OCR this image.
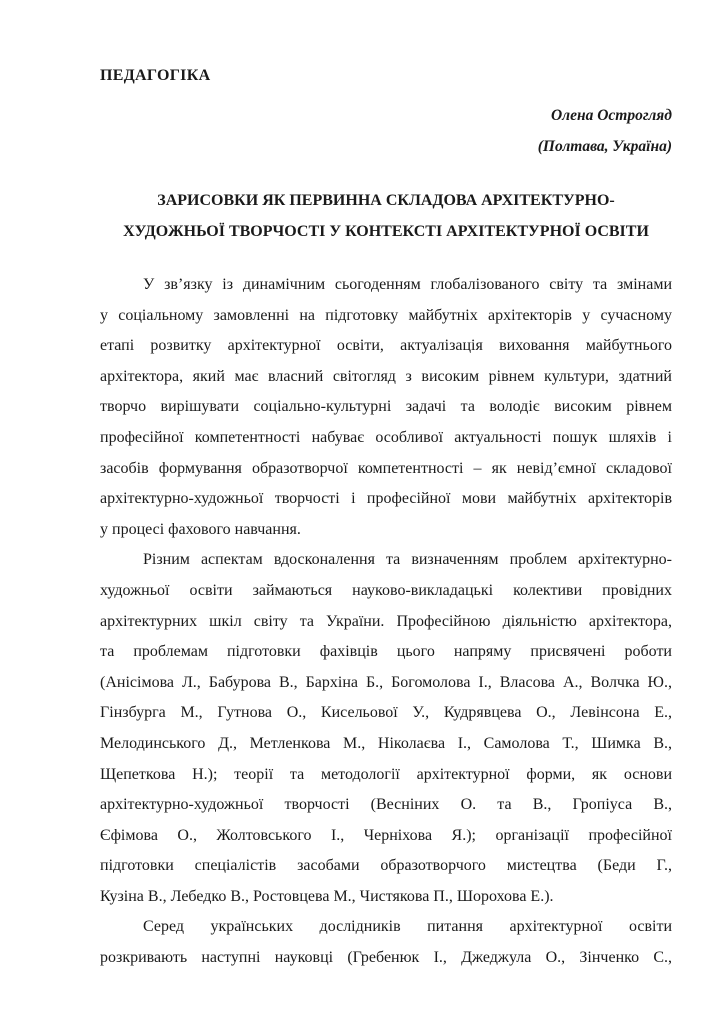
ПЕДАГОГІКА
Олена Острогляд
(Полтава, Україна)
ЗАРИСОВКИ ЯК ПЕРВИННА СКЛАДОВА АРХІТЕКТУРНО-
ХУДОЖНЬОЇ ТВОРЧОСТІ У КОНТЕКСТІ АРХІТЕКТУРНОЇ ОСВІТИ
У зв’язку із динамічним сьогоденням глобалізованого світу та змінами
у соціальному замовленні на підготовку майбутніх архітекторів у сучасному
етапі розвитку архітектурної освіти, актуалізація виховання майбутнього
архітектора, який має власний світогляд з високим рівнем культури, здатний
творчо вирішувати соціально-культурні задачі та володіє високим рівнем
професійної компетентності набуває особливої актуальності пошук шляхів і
засобів формування образотворчої компетентності – як невід’ємної складової
архітектурно-художньої творчості і професійної мови майбутніх архітекторів
у процесі фахового навчання.
Різним аспектам вдосконалення та визначенням проблем архітектурно-
художньої освіти займаються науково-викладацькі колективи провідних
архітектурних шкіл світу та України. Професійною діяльністю архітектора,
та проблемам підготовки фахівців цього напряму присвячені роботи
(Анісімова Л., Бабурова В., Бархіна Б., Богомолова І., Власова А., Волчка Ю.,
Гінзбурга М., Гутнова О., Кисельової У., Кудрявцева О., Левінсона Е.,
Мелодинського Д., Метленкова М., Ніколаєва І., Самолова Т., Шимка В.,
Щепеткова Н.); теорії та методології архітектурної форми, як основи
архітектурно-художньої творчості (Весніних О. та В., Гропіуса В.,
Єфімова О., Жолтовського І., Черніхова Я.); організації професійної
підготовки спеціалістів засобами образотворчого мистецтва (Беди Г.,
Кузіна В., Лебедко В., Ростовцева М., Чистякова П., Шорохова Е.).
Серед українських дослідників питання архітектурної освіти
розкривають наступні науковці (Гребенюк І., Джеджула О., Зінченко С.,
